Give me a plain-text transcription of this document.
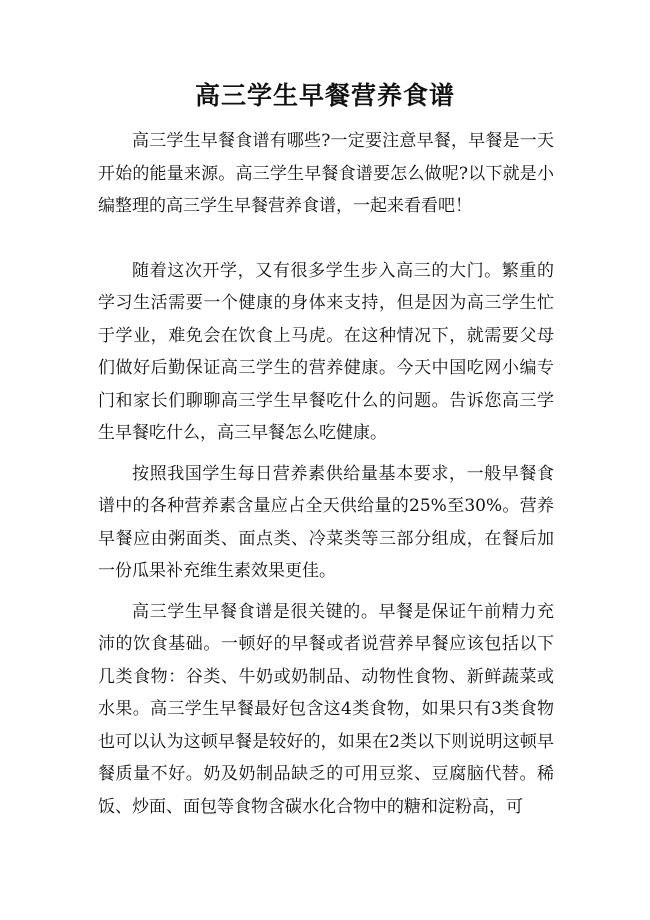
高三学生早餐营养食谱

高三学生早餐食谱有哪些?一定要注意早餐，早餐是一天开始的能量来源。高三学生早餐食谱要怎么做呢?以下就是小编整理的高三学生早餐营养食谱，一起来看看吧！

随着这次开学，又有很多学生步入高三的大门。繁重的学习生活需要一个健康的身体来支持，但是因为高三学生忙于学业，难免会在饮食上马虎。在这种情况下，就需要父母们做好后勤保证高三学生的营养健康。今天中国吃网小编专门和家长们聊聊高三学生早餐吃什么的问题。告诉您高三学生早餐吃什么，高三早餐怎么吃健康。

按照我国学生每日营养素供给量基本要求，一般早餐食谱中的各种营养素含量应占全天供给量的25%至30%。营养早餐应由粥面类、面点类、冷菜类等三部分组成，在餐后加一份瓜果补充维生素效果更佳。

高三学生早餐食谱是很关键的。早餐是保证午前精力充沛的饮食基础。一顿好的早餐或者说营养早餐应该包括以下几类食物：谷类、牛奶或奶制品、动物性食物、新鲜蔬菜或水果。高三学生早餐最好包含这4类食物，如果只有3类食物也可以认为这顿早餐是较好的，如果在2类以下则说明这顿早餐质量不好。奶及奶制品缺乏的可用豆浆、豆腐脑代替。稀饭、炒面、面包等食物含碳水化合物中的糖和淀粉高，可
